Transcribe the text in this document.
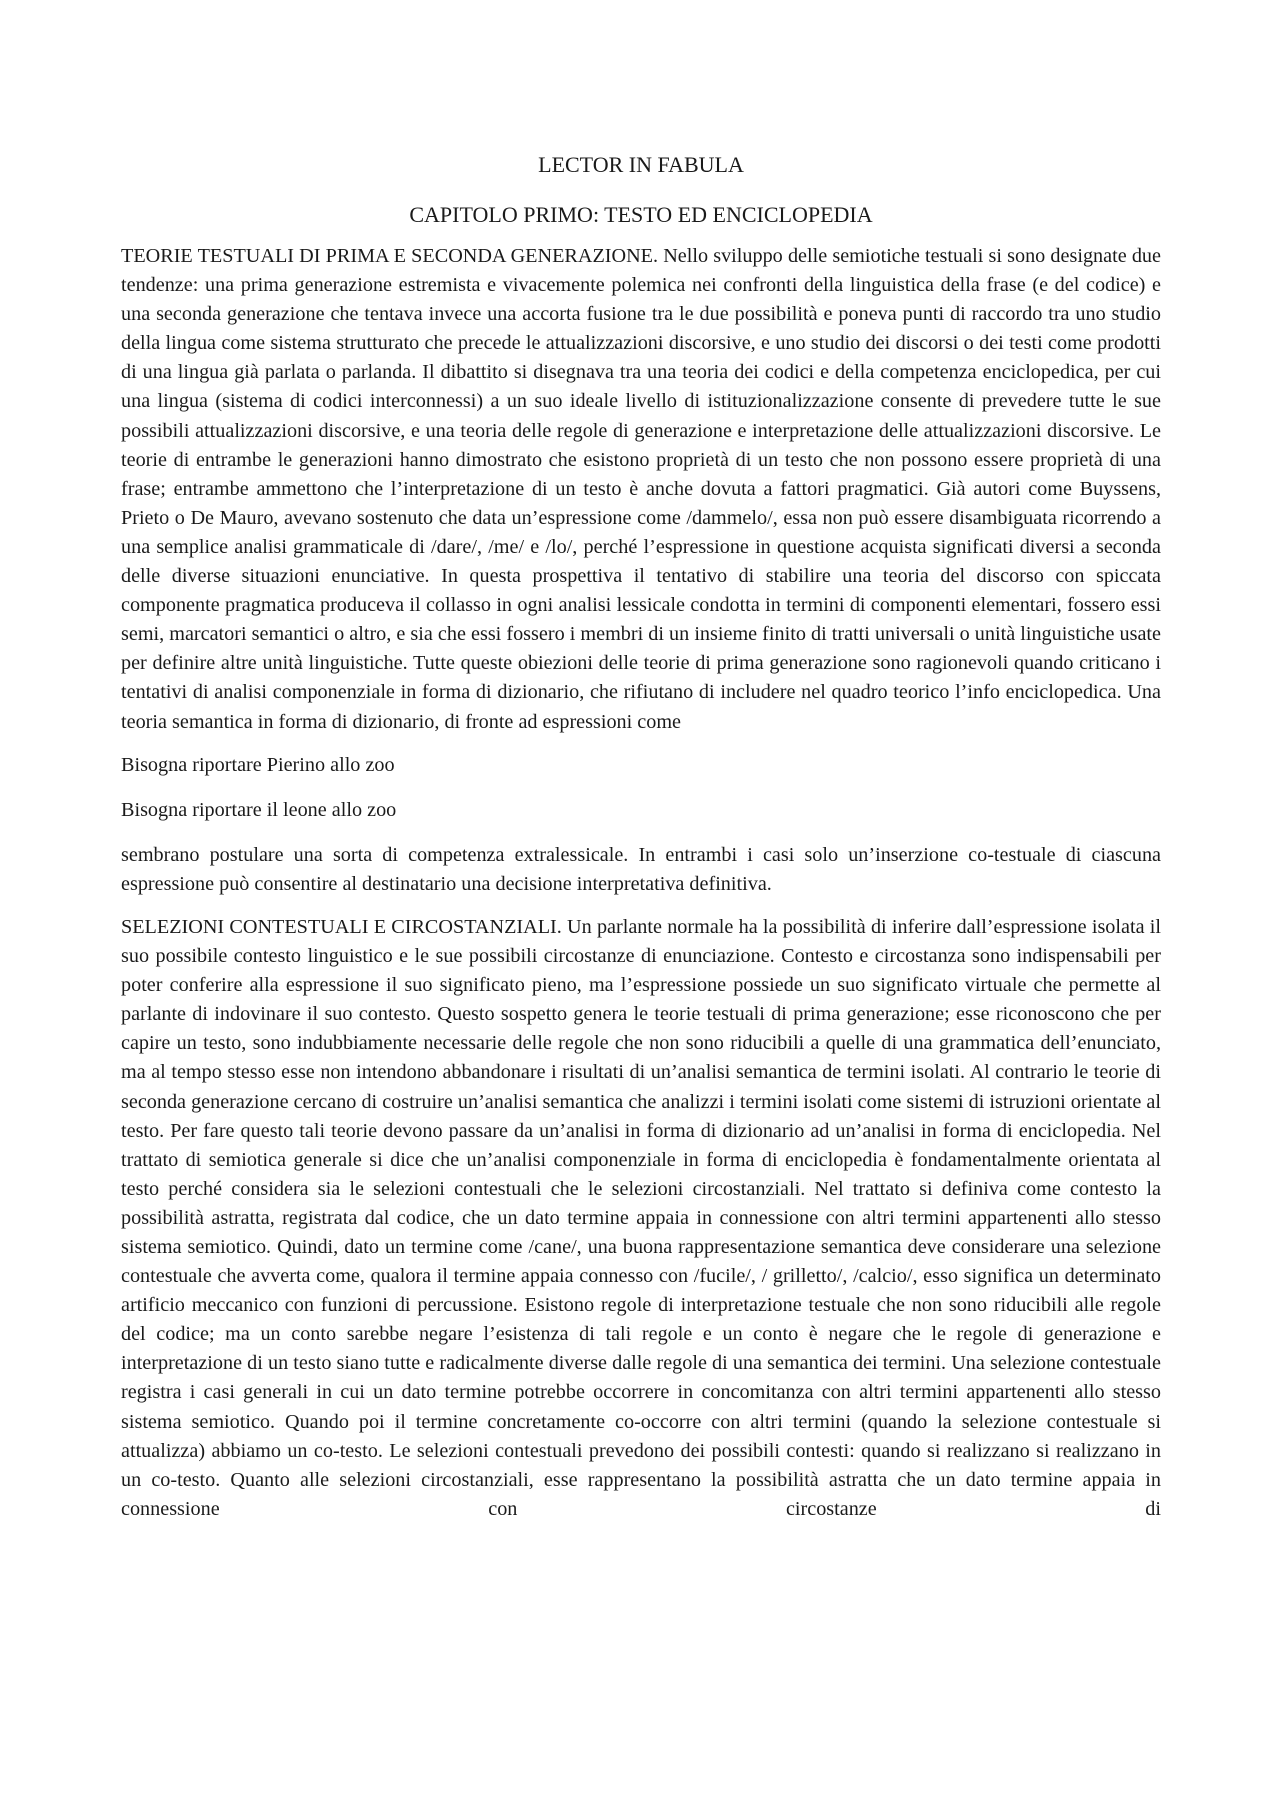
LECTOR IN FABULA
CAPITOLO PRIMO: TESTO ED ENCICLOPEDIA

TEORIE TESTUALI DI PRIMA E SECONDA GENERAZIONE. Nello sviluppo delle semiotiche testuali si sono designate due tendenze: una prima generazione estremista e vivacemente polemica nei confronti della linguistica della frase (e del codice) e una seconda generazione che tentava invece una accorta fusione tra le due possibilità e poneva punti di raccordo tra uno studio della lingua come sistema strutturato che precede le attualizzazioni discorsive, e uno studio dei discorsi o dei testi come prodotti di una lingua già parlata o parlanda. Il dibattito si disegnava tra una teoria dei codici e della competenza enciclopedica, per cui una lingua (sistema di codici interconnessi) a un suo ideale livello di istituzionalizzazione consente di prevedere tutte le sue possibili attualizzazioni discorsive, e una teoria delle regole di generazione e interpretazione delle attualizzazioni discorsive. Le teorie di entrambe le generazioni hanno dimostrato che esistono proprietà di un testo che non possono essere proprietà di una frase; entrambe ammettono che l’interpretazione di un testo è anche dovuta a fattori pragmatici. Già autori come Buyssens, Prieto o De Mauro, avevano sostenuto che data un’espressione come /dammelo/, essa non può essere disambiguata ricorrendo a una semplice analisi grammaticale di /dare/, /me/ e /lo/, perché l’espressione in questione acquista significati diversi a seconda delle diverse situazioni enunciative. In questa prospettiva il tentativo di stabilire una teoria del discorso con spiccata componente pragmatica produceva il collasso in ogni analisi lessicale condotta in termini di componenti elementari, fossero essi semi, marcatori semantici o altro, e sia che essi fossero i membri di un insieme finito di tratti universali o unità linguistiche usate per definire altre unità linguistiche. Tutte queste obiezioni delle teorie di prima generazione sono ragionevoli quando criticano i tentativi di analisi componenziale in forma di dizionario, che rifiutano di includere nel quadro teorico l’info enciclopedica. Una teoria semantica in forma di dizionario, di fronte ad espressioni come

Bisogna riportare Pierino allo zoo

Bisogna riportare il leone allo zoo

sembrano postulare una sorta di competenza extralessicale. In entrambi i casi solo un’inserzione co-testuale di ciascuna espressione può consentire al destinatario una decisione interpretativa definitiva.

SELEZIONI CONTESTUALI E CIRCOSTANZIALI. Un parlante normale ha la possibilità di inferire dall’espressione isolata il suo possibile contesto linguistico e le sue possibili circostanze di enunciazione. Contesto e circostanza sono indispensabili per poter conferire alla espressione il suo significato pieno, ma l’espressione possiede un suo significato virtuale che permette al parlante di indovinare il suo contesto. Questo sospetto genera le teorie testuali di prima generazione; esse riconoscono che per capire un testo, sono indubbiamente necessarie delle regole che non sono riducibili a quelle di una grammatica dell’enunciato, ma al tempo stesso esse non intendono abbandonare i risultati di un’analisi semantica de termini isolati. Al contrario le teorie di seconda generazione cercano di costruire un’analisi semantica che analizzi i termini isolati come sistemi di istruzioni orientate al testo. Per fare questo tali teorie devono passare da un’analisi in forma di dizionario ad un’analisi in forma di enciclopedia. Nel trattato di semiotica generale si dice che un’analisi componenziale in forma di enciclopedia è fondamentalmente orientata al testo perché considera sia le selezioni contestuali che le selezioni circostanziali. Nel trattato si definiva come contesto la possibilità astratta, registrata dal codice, che un dato termine appaia in connessione con altri termini appartenenti allo stesso sistema semiotico. Quindi, dato un termine come /cane/, una buona rappresentazione semantica deve considerare una selezione contestuale che avverta come, qualora il termine appaia connesso con /fucile/, / grilletto/, /calcio/, esso significa un determinato artificio meccanico con funzioni di percussione. Esistono regole di interpretazione testuale che non sono riducibili alle regole del codice; ma un conto sarebbe negare l’esistenza di tali regole e un conto è negare che le regole di generazione e interpretazione di un testo siano tutte e radicalmente diverse dalle regole di una semantica dei termini. Una selezione contestuale registra i casi generali in cui un dato termine potrebbe occorrere in concomitanza con altri termini appartenenti allo stesso sistema semiotico. Quando poi il termine concretamente co-occorre con altri termini (quando la selezione contestuale si attualizza) abbiamo un co-testo. Le selezioni contestuali prevedono dei possibili contesti: quando si realizzano si realizzano in un co-testo. Quanto alle selezioni circostanziali, esse rappresentano la possibilità astratta che un dato termine appaia in connessione con circostanze di
